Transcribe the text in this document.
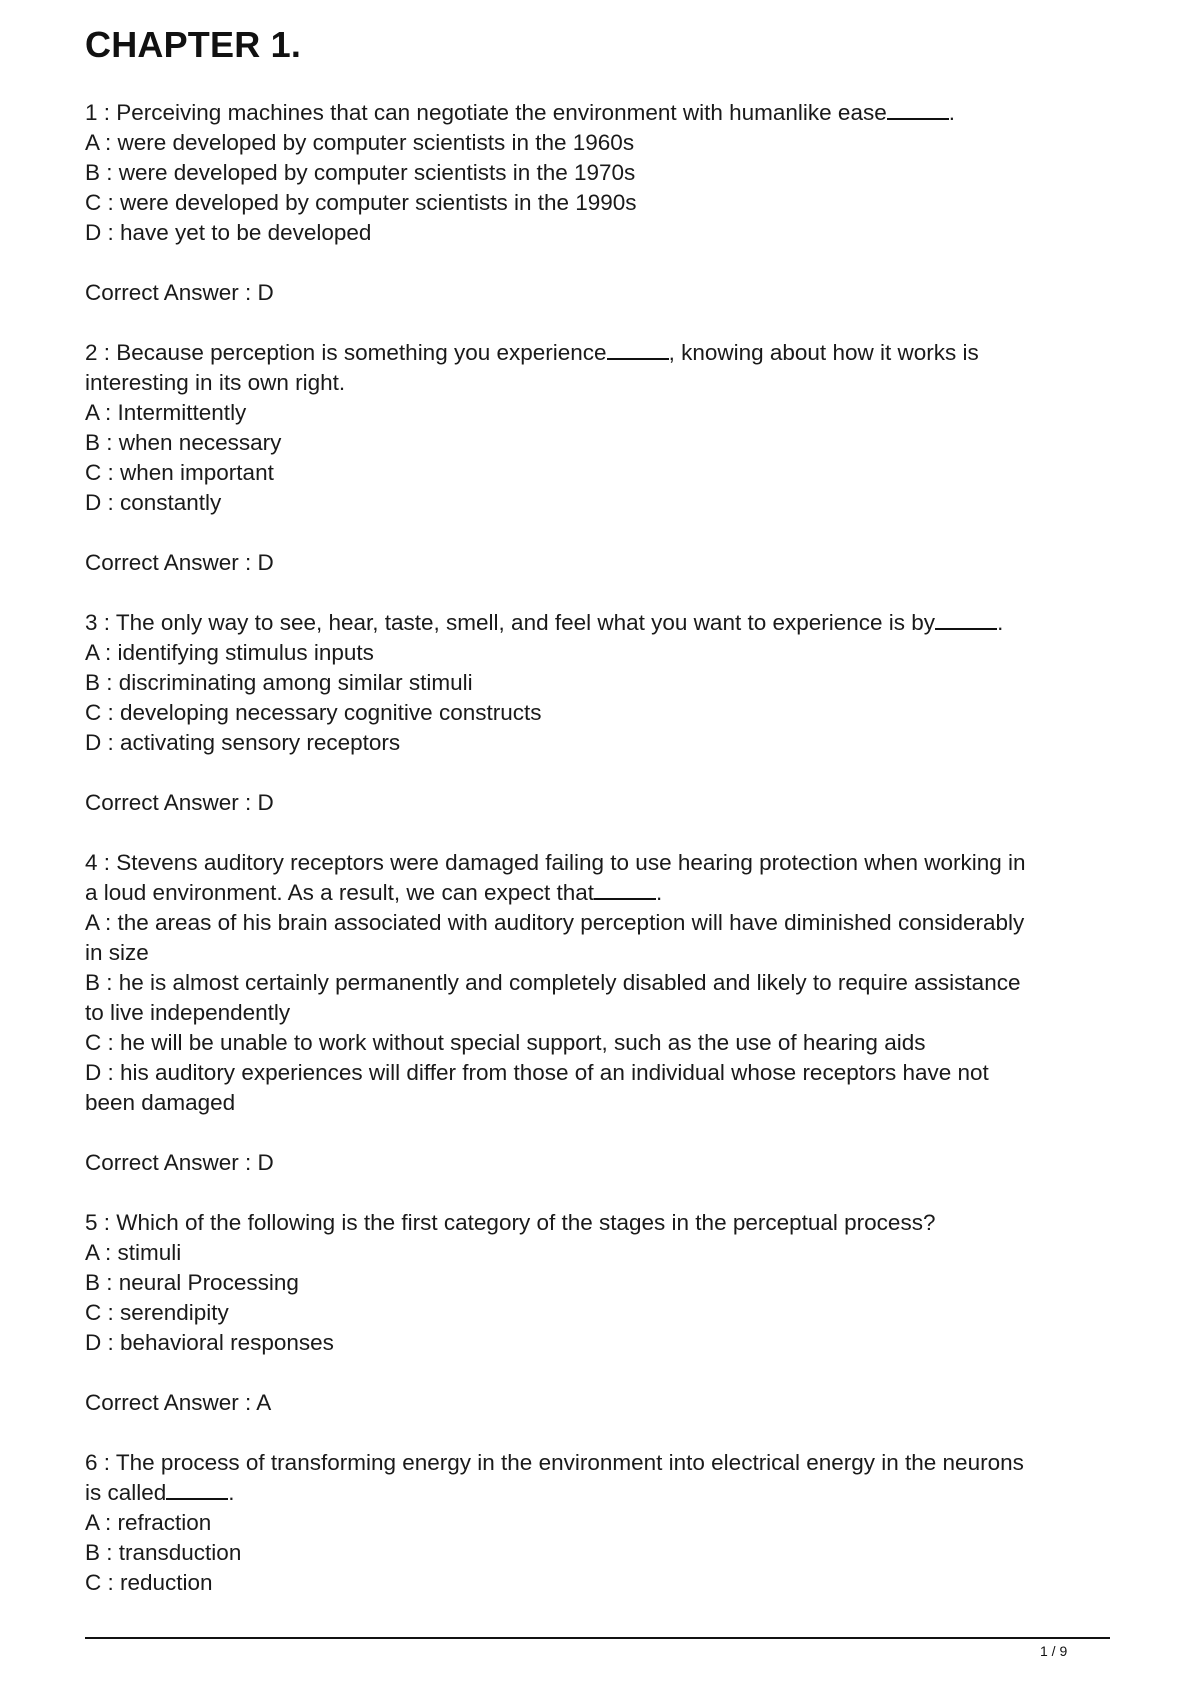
CHAPTER 1.
1 : Perceiving machines that can negotiate the environment with humanlike ease	.
A : were developed by computer scientists in the 1960s
B : were developed by computer scientists in the 1970s
C : were developed by computer scientists in the 1990s
D : have yet to be developed
Correct Answer : D
2 : Because perception is something you experience	, knowing about how it works is
interesting in its own right.
A : Intermittently
B : when necessary
C : when important
D : constantly
Correct Answer : D
3 : The only way to see, hear, taste, smell, and feel what you want to experience is by	.
A : identifying stimulus inputs
B : discriminating among similar stimuli
C : developing necessary cognitive constructs
D : activating sensory receptors
Correct Answer : D
4 : Stevens auditory receptors were damaged failing to use hearing protection when working in
a loud environment. As a result, we can expect that	.
A : the areas of his brain associated with auditory perception will have diminished considerably
in size
B : he is almost certainly permanently and completely disabled and likely to require assistance
to live independently
C : he will be unable to work without special support, such as the use of hearing aids
D : his auditory experiences will differ from those of an individual whose receptors have not
been damaged
Correct Answer : D
5 : Which of the following is the first category of the stages in the perceptual process?
A : stimuli
B : neural Processing
C : serendipity
D : behavioral responses
Correct Answer : A
6 : The process of transforming energy in the environment into electrical energy in the neurons
is called	.
A : refraction
B : transduction
C : reduction
1 / 9
